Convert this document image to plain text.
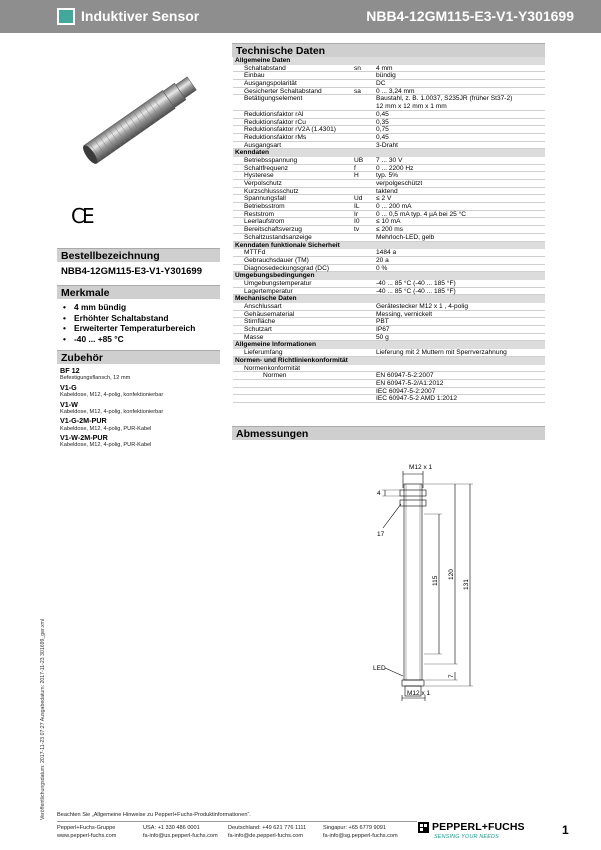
Induktiver Sensor	NBB4-12GM115-E3-V1-Y301699
CE
Bestellbezeichnung
NBB4-12GM115-E3-V1-Y301699
Merkmale
• 4 mm bündig
• Erhöhter Schaltabstand
• Erweiterter Temperaturbereich
• -40 ... +85 °C
Zubehör
BF 12
Befestigungsflansch, 12 mm
V1-G
Kabeldose, M12, 4-polig, konfektionierbar
V1-W
Kabeldose, M12, 4-polig, konfektionierbar
V1-G-2M-PUR
Kabeldose, M12, 4-polig, PUR-Kabel
V1-W-2M-PUR
Kabeldose, M12, 4-polig, PUR-Kabel
Technische Daten
Allgemeine Daten
Schaltabstand	sn 4 mm
Einbau	bündig
Ausgangspolarität	DC
Gesicherter Schaltabstand	sa 0 ... 3,24 mm
Betätigungselement	Baustahl, z. B. 1.0037, S235JR (früher St37-2)
12 mm x 12 mm x 1 mm
Reduktionsfaktor rAl	0,45
Reduktionsfaktor rCu	0,35
Reduktionsfaktor rV2A (1.4301)	0,75
Reduktionsfaktor rMs	0,45
Ausgangsart	3-Draht
Kenndaten
Betriebsspannung	UB 7 ... 30 V
Schaltfrequenz	f	0 ... 2200 Hz
Hysterese	H	typ. 5%
Verpolschutz	verpolgeschützt
Kurzschlussschutz	taktend
Spannungsfall	Ud ≤ 2 V
Betriebsstrom	IL	0 ... 200 mA
Reststrom	Ir	0 ... 0,5 mA typ. 4 µA bei 25 °C
Leerlaufstrom	I0	≤ 10 mA
Bereitschaftsverzug	tv	≤ 200 ms
Schaltzustandsanzeige	Mehrloch-LED, gelb
Kenndaten funktionale Sicherheit
MTTFd	1484 a
Gebrauchsdauer (TM)	20 a
Diagnosedeckungsgrad (DC)	0 %
Umgebungsbedingungen
Umgebungstemperatur	-40 ... 85 °C (-40 ... 185 °F)
Lagertemperatur	-40 ... 85 °C (-40 ... 185 °F)
Mechanische Daten
Anschlussart	Gerätestecker M12 x 1 , 4-polig
Gehäusematerial	Messing, vernickelt
Stirnfläche	PBT
Schutzart	IP67
Masse	50 g
Allgemeine Informationen
Lieferumfang	Lieferung mit 2 Muttern mit Sperrverzahnung
Normen- und Richtlinienkonformität
Normenkonformität
Normen	EN 60947-5-2:2007
EN 60947-5-2/A1:2012
IEC 60947-5-2:2007
IEC 60947-5-2 AMD 1:2012
Abmessungen
M12 x 1
4
17
115
120
131
7
LED
M12 x 1
Veröffentlichungsdatum: 2017-11-23 07:27 Ausgabedatum: 2017-11-23 301699_ger.xml Beachten Sie „Allgemeine Hinweise zu Pepperl+Fuchs-Produktinformationen“.
Pepperl+Fuchs-Gruppe
www.pepperl-fuchs.com
USA: +1 330 486 0001
fa-info@us.pepperl-fuchs.com
Deutschland: +49 621 776 1111
fa-info@de.pepperl-fuchs.com
Singapur: +65 6779 9091
fa-info@sg.pepperl-fuchs.com
PEPPERL+FUCHS
SENSING YOUR NEEDS	1
